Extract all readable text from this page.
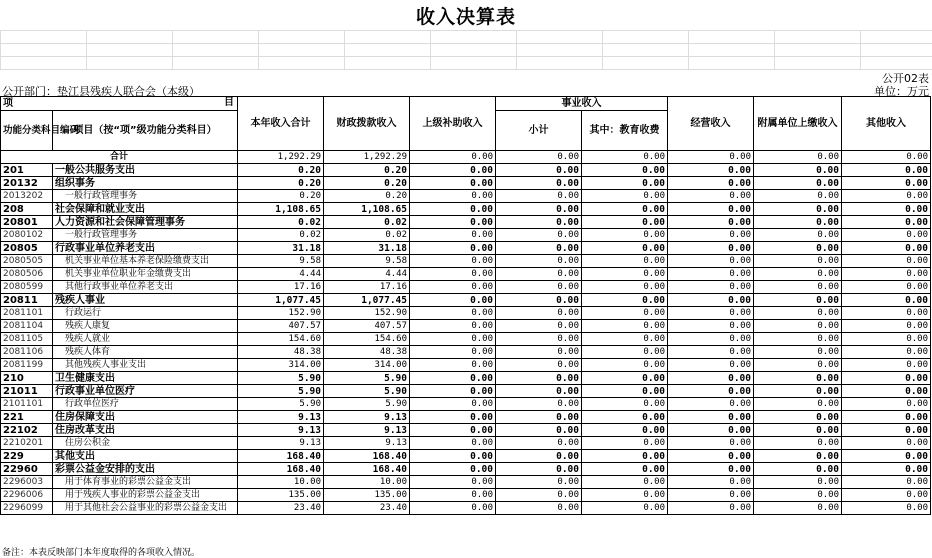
收入决算表
公开部门：垫江县残疾人联合会（本级）
公开02表
单位：万元
项 目		本年收入合计	财政拨款收入	上级补助收入	事业收入		经营收入	附属单位上缴收入	其他收入
功能分类科目编码	项目（按“项”级功能分类科目）				小计	其中：教育收费			

合计		1,292.29	1,292.29	0.00	0.00	0.00	0.00	0.00	0.00
201	一般公共服务支出	0.20	0.20	0.00	0.00	0.00	0.00	0.00	0.00
20132	组织事务	0.20	0.20	0.00	0.00	0.00	0.00	0.00	0.00
2013202	一般行政管理事务	0.20	0.20	0.00	0.00	0.00	0.00	0.00	0.00
208	社会保障和就业支出	1,108.65	1,108.65	0.00	0.00	0.00	0.00	0.00	0.00
20801	人力资源和社会保障管理事务	0.02	0.02	0.00	0.00	0.00	0.00	0.00	0.00
2080102	一般行政管理事务	0.02	0.02	0.00	0.00	0.00	0.00	0.00	0.00
20805	行政事业单位养老支出	31.18	31.18	0.00	0.00	0.00	0.00	0.00	0.00
2080505	机关事业单位基本养老保险缴费支出	9.58	9.58	0.00	0.00	0.00	0.00	0.00	0.00
2080506	机关事业单位职业年金缴费支出	4.44	4.44	0.00	0.00	0.00	0.00	0.00	0.00
2080599	其他行政事业单位养老支出	17.16	17.16	0.00	0.00	0.00	0.00	0.00	0.00
20811	残疾人事业	1,077.45	1,077.45	0.00	0.00	0.00	0.00	0.00	0.00
2081101	行政运行	152.90	152.90	0.00	0.00	0.00	0.00	0.00	0.00
2081104	残疾人康复	407.57	407.57	0.00	0.00	0.00	0.00	0.00	0.00
2081105	残疾人就业	154.60	154.60	0.00	0.00	0.00	0.00	0.00	0.00
2081106	残疾人体育	48.38	48.38	0.00	0.00	0.00	0.00	0.00	0.00
2081199	其他残疾人事业支出	314.00	314.00	0.00	0.00	0.00	0.00	0.00	0.00
210	卫生健康支出	5.90	5.90	0.00	0.00	0.00	0.00	0.00	0.00
21011	行政事业单位医疗	5.90	5.90	0.00	0.00	0.00	0.00	0.00	0.00
2101101	行政单位医疗	5.90	5.90	0.00	0.00	0.00	0.00	0.00	0.00
221	住房保障支出	9.13	9.13	0.00	0.00	0.00	0.00	0.00	0.00
22102	住房改革支出	9.13	9.13	0.00	0.00	0.00	0.00	0.00	0.00
2210201	住房公积金	9.13	9.13	0.00	0.00	0.00	0.00	0.00	0.00
229	其他支出	168.40	168.40	0.00	0.00	0.00	0.00	0.00	0.00
22960	彩票公益金安排的支出	168.40	168.40	0.00	0.00	0.00	0.00	0.00	0.00
2296003	用于体育事业的彩票公益金支出	10.00	10.00	0.00	0.00	0.00	0.00	0.00	0.00
2296006	用于残疾人事业的彩票公益金支出	135.00	135.00	0.00	0.00	0.00	0.00	0.00	0.00
2296099	用于其他社会公益事业的彩票公益金支出	23.40	23.40	0.00	0.00	0.00	0.00	0.00	0.00
备注：本表反映部门本年度取得的各项收入情况。
